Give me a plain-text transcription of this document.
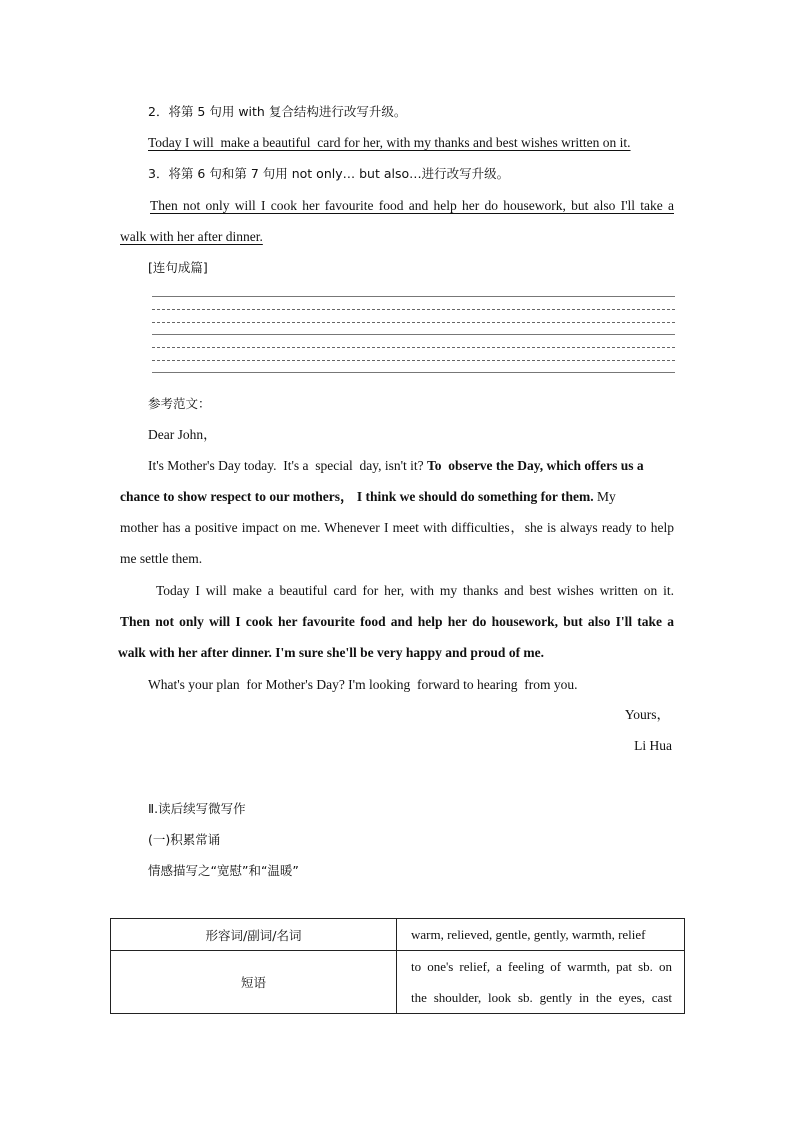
2．将第 5 句用 with 复合结构进行改写升级。
Today I will  make a beautiful  card for her, with my thanks and best wishes written on it.
3．将第 6 句和第 7 句用 not only… but also…进行改写升级。
Then not only will I cook her favourite food and help her do housework, but also I'll take a
walk with her after dinner.
[连句成篇]
参考范文：
Dear John，
It's Mother's Day today.  It's a  special  day, isn't it? To  observe the Day, which offers us a
chance to show respect to our mothers， I think we should do something for them. My
mother has a positive impact on me. Whenever I meet with difficulties，she is always ready to help
me settle them.
Today I will make a beautiful card for her, with my thanks and best wishes written on it.
Then not only will I cook her favourite food and help her do housework, but also I'll take a
walk with her after dinner. I'm sure she'll be very happy and proud of me.
What's your plan  for Mother's Day? I'm looking  forward to hearing  from you.
Yours，
Li Hua
Ⅱ.读后续写微写作
(一)积累常诵
情感描写之“宽慰”和“温暖”
形容词/副词/名词	warm, relieved, gentle, gently, warmth, relief

短语	to one's relief, a feeling of warmth, pat sb. on
the shoulder, look sb. gently in the eyes, cast
